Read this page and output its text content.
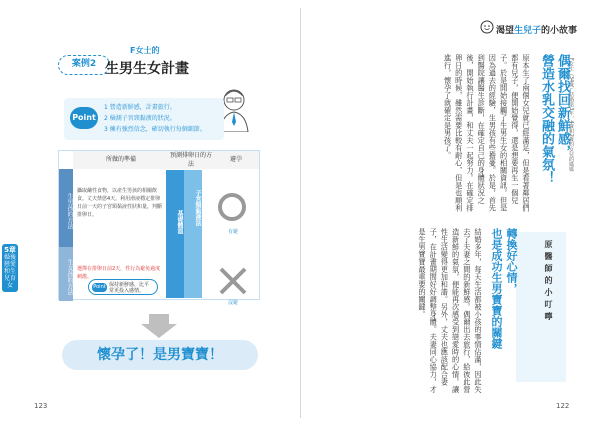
5章
婚後戀愛和生兒育女
案例2
F女士的
生男生女計畫
Point
1 營造新鮮感，計畫旅行。
2 檢測子宮頸黏液的狀況。
3 擁有強烈信念，確切執行每個細節。
所做的準備
預測排卵日的方法
避孕
生男孩的方法
生女孩的方法
攝取鹼性食物，以產生男孩的相關飲食。丈夫禁慾4天。利用滑液穩定排卵日前一天的子宮頸黏液性狀和量，判斷排卵日。
選擇在排卵日前2天，性行為避免過度刺激。
Point 保持新鮮感，比平常更投入感情。
基礎體溫	子宮頸黏液法
有避
沒避
懷孕了！是男寶寶！
123
渴望生兒子的小故事
F女士（34歲）結婚第3年，4歲和2歲的女兒的媽媽
偶爾找回新鮮感，
營造水乳交融的氣氛！
原本生了兩個女兒就已經滿足，但是看著鄰居們都有兒子，便開始覺得，還是想要再生一個兒子。於是開始接觸了生男生女的相關資訊，但是因為過去的經驗，生男孩有些擔憂。於是，首先到醫院讓醫生診斷，在確定自己的身體狀況之後，開始執行計畫，和丈夫一起努力。在確定排卵日的時候，雖然需要比較有耐心，但是也順利進行，懷孕了就確定是男孩了。
原醫師的小叮嚀
轉換好心情，
也是成功生男寶寶的關鍵
結婚多年，每天生活都被小孩的事情佔滿，因此失去了夫妻之間的新鮮感。偶爾出去旅行，給彼此營造新鮮的氣氛，便能再次感受到戀愛時的心情，讓性生活變得更加和諧。另外，丈夫也應該配合妻子，在計畫期間好好調整身體。夫妻同心協力，才是生男寶寶最重要的關鍵。
122
